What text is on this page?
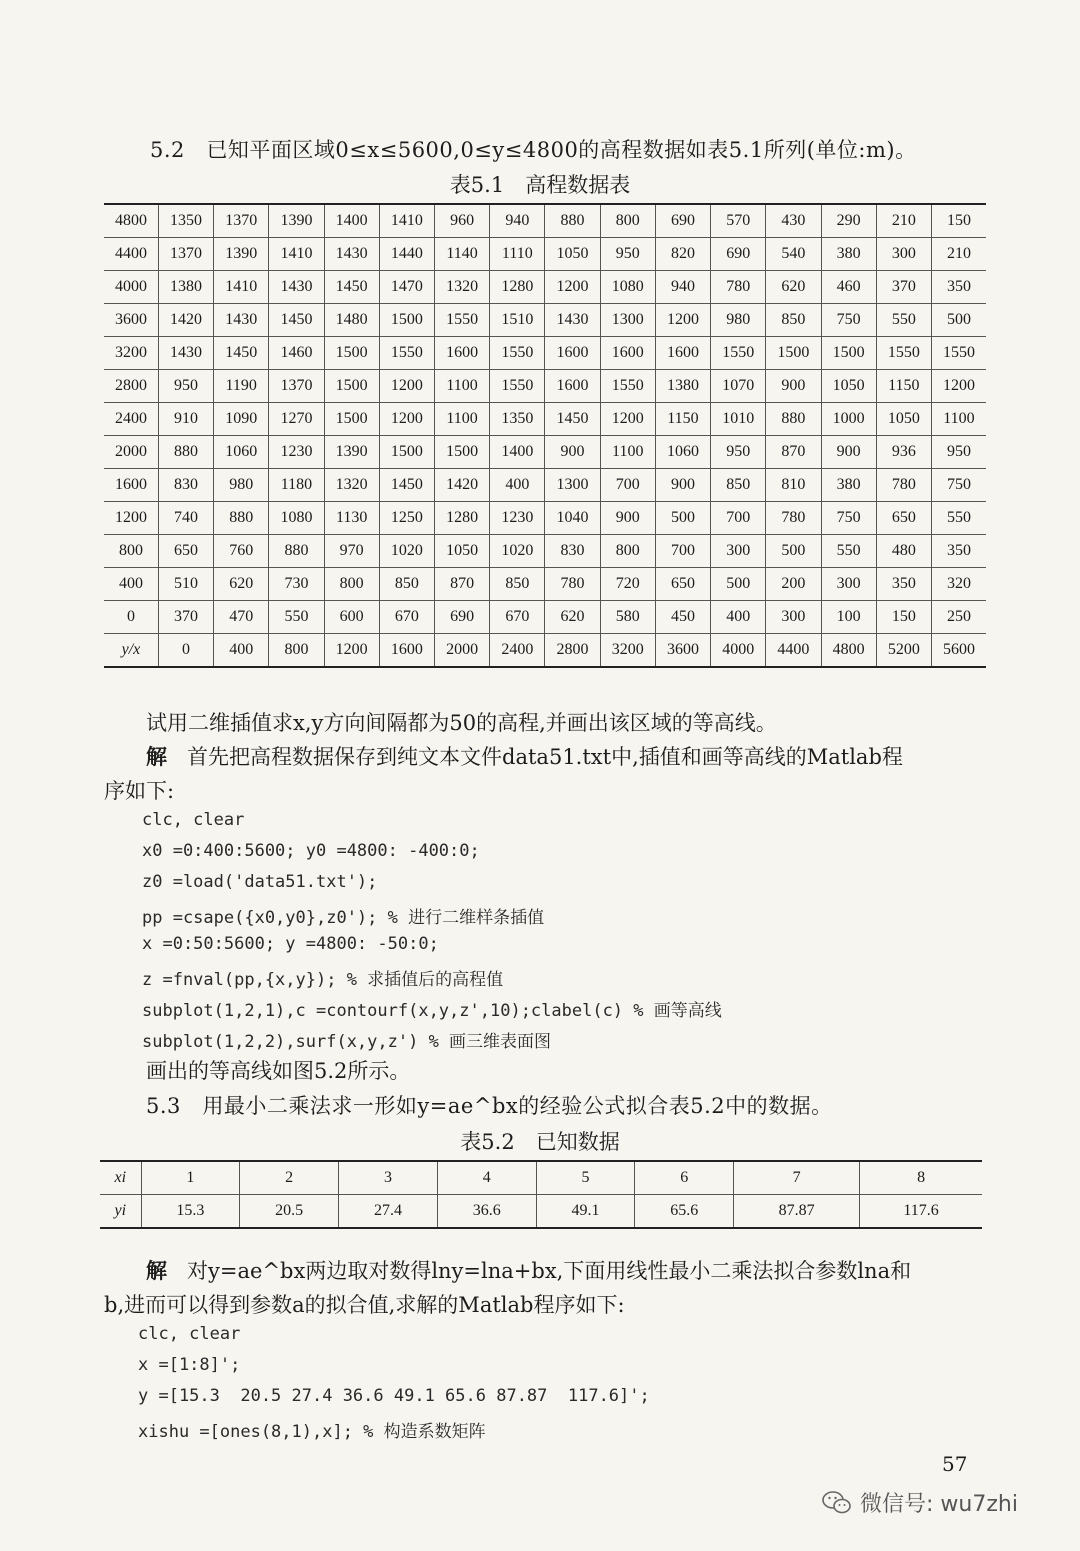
5.2 已知平面区域0≤x≤5600,0≤y≤4800的高程数据如表5.1所列(单位:m)。
表5.1　高程数据表
4800	1350	1370	1390	1400	1410	960	940	880	800	690	570	430	290	210	150
4400	1370	1390	1410	1430	1440	1140	1110	1050	950	820	690	540	380	300	210
4000	1380	1410	1430	1450	1470	1320	1280	1200	1080	940	780	620	460	370	350
3600	1420	1430	1450	1480	1500	1550	1510	1430	1300	1200	980	850	750	550	500
3200	1430	1450	1460	1500	1550	1600	1550	1600	1600	1600	1550	1500	1500	1550	1550
2800	950	1190	1370	1500	1200	1100	1550	1600	1550	1380	1070	900	1050	1150	1200
2400	910	1090	1270	1500	1200	1100	1350	1450	1200	1150	1010	880	1000	1050	1100
2000	880	1060	1230	1390	1500	1500	1400	900	1100	1060	950	870	900	936	950
1600	830	980	1180	1320	1450	1420	400	1300	700	900	850	810	380	780	750
1200	740	880	1080	1130	1250	1280	1230	1040	900	500	700	780	750	650	550
800	650	760	880	970	1020	1050	1020	830	800	700	300	500	550	480	350
400	510	620	730	800	850	870	850	780	720	650	500	200	300	350	320
0	370	470	550	600	670	690	670	620	580	450	400	300	100	150	250
y/x	0	400	800	1200	1600	2000	2400	2800	3200	3600	4000	4400	4800	5200	5600
试用二维插值求x,y方向间隔都为50的高程,并画出该区域的等高线。
解 首先把高程数据保存到纯文本文件data51.txt中,插值和画等高线的Matlab程
序如下:
clc, clear
x0 =0:400:5600; y0 =4800: -400:0;
z0 =load('data51.txt');
pp =csape({x0,y0},z0'); % 进行二维样条插值
x =0:50:5600; y =4800: -50:0;
z =fnval(pp,{x,y}); % 求插值后的高程值
subplot(1,2,1),c =contourf(x,y,z',10);clabel(c) % 画等高线
subplot(1,2,2),surf(x,y,z') % 画三维表面图
画出的等高线如图5.2所示。
5.3 用最小二乘法求一形如y=ae^bx的经验公式拟合表5.2中的数据。
表5.2　已知数据
xi	1	2	3	4	5	6	7	8
yi	15.3	20.5	27.4	36.6	49.1	65.6	87.87	117.6
解 对y=ae^bx两边取对数得lny=lna+bx,下面用线性最小二乘法拟合参数lna和
b,进而可以得到参数a的拟合值,求解的Matlab程序如下:
clc, clear
x =[1:8]';
y =[15.3  20.5 27.4 36.6 49.1 65.6 87.87  117.6]';
xishu =[ones(8,1),x]; % 构造系数矩阵
57
微信号: wu7zhi
